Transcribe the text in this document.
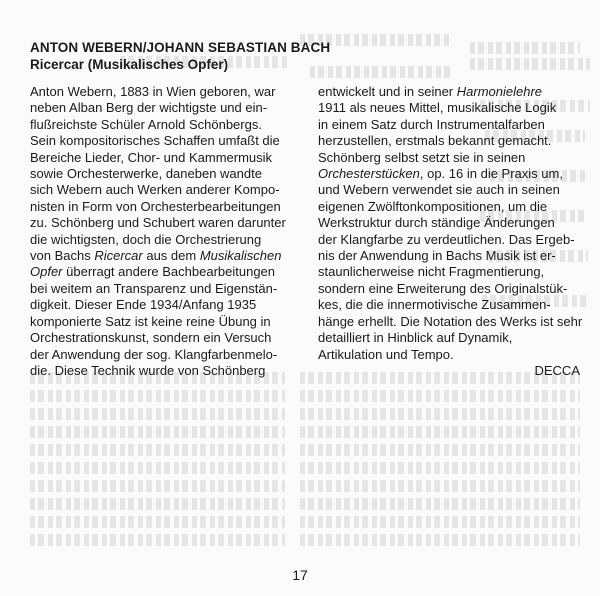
ANTON WEBERN/JOHANN SEBASTIAN BACH

Ricercar (Musikalisches Opfer)

Anton Webern, 1883 in Wien geboren, war
neben Alban Berg der wichtigste und ein-
flußreichste Schüler Arnold Schönbergs.
Sein kompositorisches Schaffen umfaßt die
Bereiche Lieder, Chor- und Kammermusik
sowie Orchesterwerke, daneben wandte
sich Webern auch Werken anderer Kompo-
nisten in Form von Orchesterbearbeitungen
zu. Schönberg und Schubert waren darunter
die wichtigsten, doch die Orchestrierung
von Bachs Ricercar aus dem Musikalischen
Opfer überragt andere Bachbearbeitungen
bei weitem an Transparenz und Eigenstän-
digkeit. Dieser Ende 1934/Anfang 1935
komponierte Satz ist keine reine Übung in
Orchestrationskunst, sondern ein Versuch
der Anwendung der sog. Klangfarbenmelo-
die. Diese Technik wurde von Schönberg
entwickelt und in seiner Harmonielehre
1911 als neues Mittel, musikalische Logik
in einem Satz durch Instrumentalfarben
herzustellen, erstmals bekannt gemacht.
Schönberg selbst setzt sie in seinen
Orchesterstücken, op. 16 in die Praxis um,
und Webern verwendet sie auch in seinen
eigenen Zwölftonkompositionen, um die
Werkstruktur durch ständige Änderungen
der Klangfarbe zu verdeutlichen. Das Ergeb-
nis der Anwendung in Bachs Musik ist er-
staunlicherweise nicht Fragmentierung,
sondern eine Erweiterung des Originalstük-
kes, die die innermotivische Zusammen-
hänge erhellt. Die Notation des Werks ist sehr
detailliert in Hinblick auf Dynamik,
Artikulation und Tempo.
DECCA
17
